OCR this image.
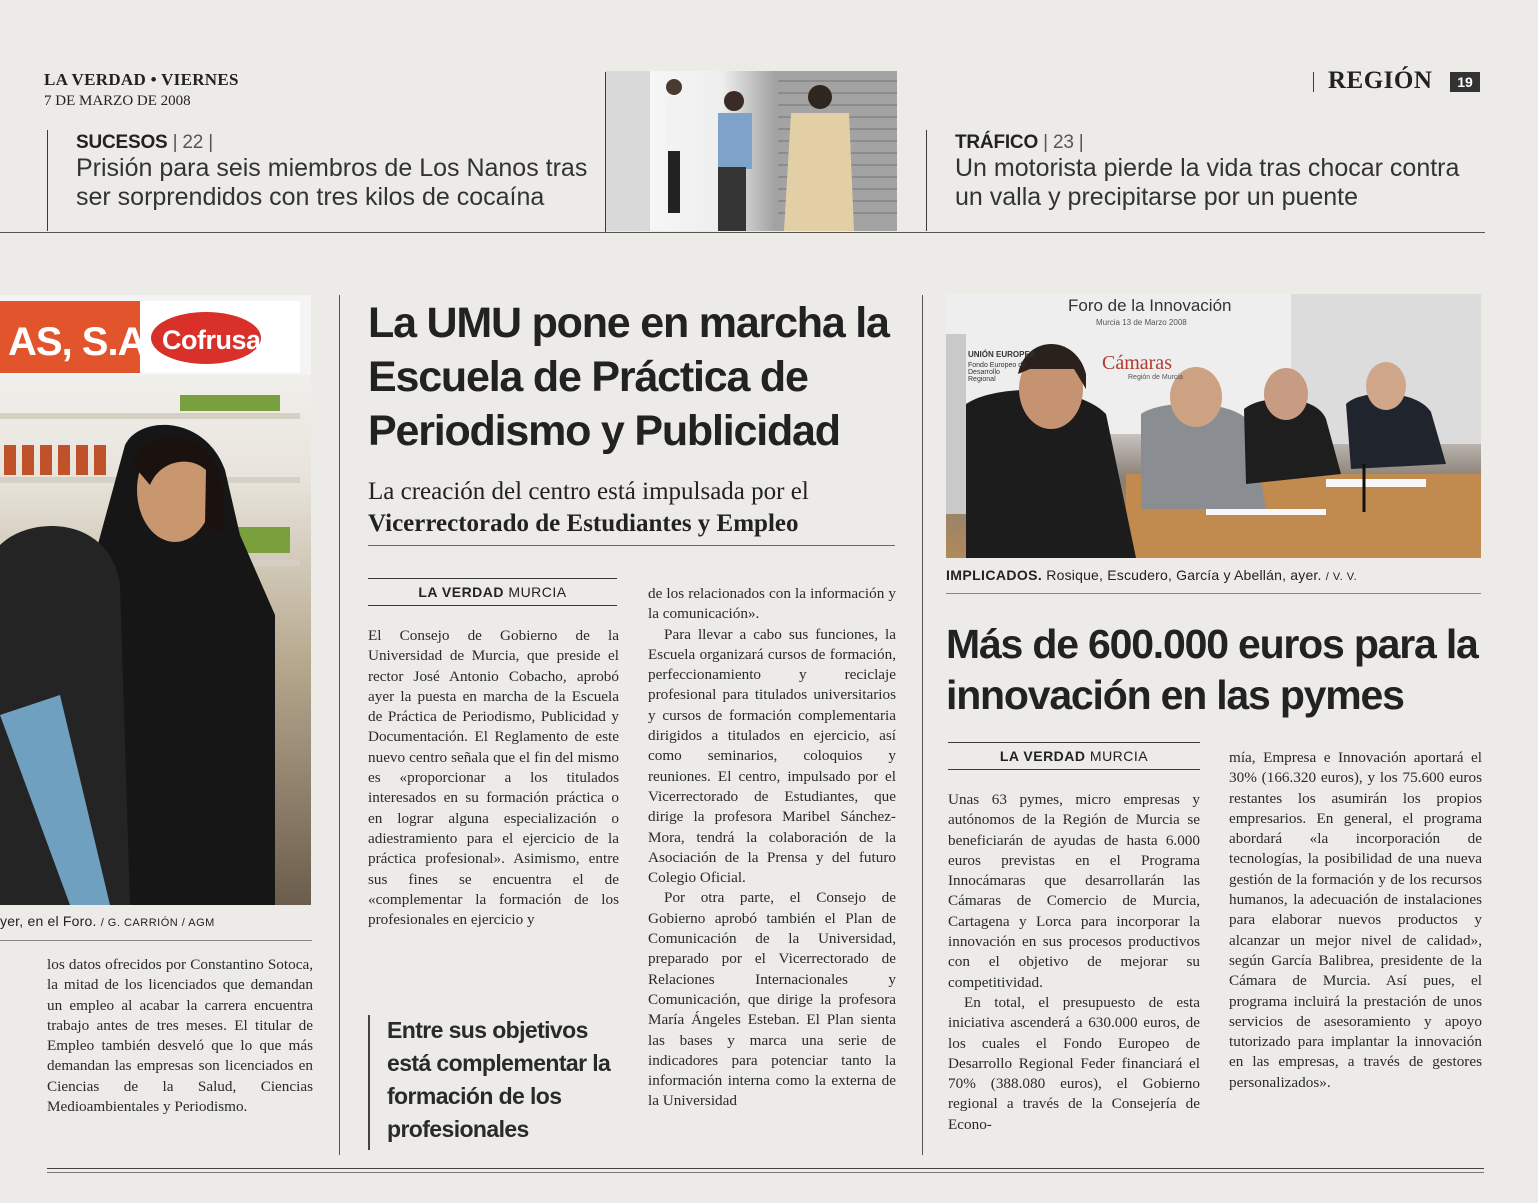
LA VERDAD • VIERNES
7 DE MARZO DE 2008
REGIÓN	19
SUCESOS | 22 |
Prisión para seis miembros de Los Nanos tras ser sorprendidos con tres kilos de cocaína
TRÁFICO | 23 |
Un motorista pierde la vida tras chocar contra un valla y precipitarse por un puente
AS, S.A. Cofrusa
yer, en el Foro. / G. CARRIÓN / AGM
los datos ofrecidos por Constantino Sotoca, la mitad de los licenciados que demandan un empleo al acabar la carrera encuentra trabajo antes de tres meses. El titular de Empleo también desveló que lo que más demandan las empresas son licenciados en Ciencias de la Salud, Ciencias Medioambientales y Periodismo.
La UMU pone en marcha la Escuela de Práctica de Periodismo y Publicidad
La creación del centro está impulsada por el Vicerrectorado de Estudiantes y Empleo
LA VERDAD MURCIA
El Consejo de Gobierno de la Universidad de Murcia, que preside el rector José Antonio Cobacho, aprobó ayer la puesta en marcha de la Escuela de Práctica de Periodismo, Publicidad y Documentación. El Reglamento de este nuevo centro señala que el fin del mismo es «proporcionar a los titulados interesados en su formación práctica o en lograr alguna especialización o adiestramiento para el ejercicio de la práctica profesional». Asimismo, entre sus fines se encuentra el de «complementar la formación de los profesionales en ejercicio y
Entre sus objetivos está complementar la formación de los profesionales
de los relacionados con la información y la comunicación».
Para llevar a cabo sus funciones, la Escuela organizará cursos de formación, perfeccionamiento y reciclaje profesional para titulados universitarios y cursos de formación complementaria dirigidos a titulados en ejercicio, así como seminarios, coloquios y reuniones. El centro, impulsado por el Vicerrectorado de Estudiantes, que dirige la profesora Maribel Sánchez-Mora, tendrá la colaboración de la Asociación de la Prensa y del futuro Colegio Oficial.
Por otra parte, el Consejo de Gobierno aprobó también el Plan de Comunicación de la Universidad, preparado por el Vicerrectorado de Relaciones Internacionales y Comunicación, que dirige la profesora María Ángeles Esteban. El Plan sienta las bases y marca una serie de indicadores para potenciar tanto la información interna como la externa de la Universidad
Foro de la Innovación
Murcia 13 de Marzo 2008
UNIÓN EUROPEA
Fondo Europeo de Desarrollo Regional
Cámaras
Región de Murcia
IMPLICADOS. Rosique, Escudero, García y Abellán, ayer. / V. V.
Más de 600.000 euros para la innovación en las pymes
LA VERDAD MURCIA
Unas 63 pymes, micro empresas y autónomos de la Región de Murcia se beneficiarán de ayudas de hasta 6.000 euros previstas en el Programa Innocámaras que desarrollarán las Cámaras de Comercio de Murcia, Cartagena y Lorca para incorporar la innovación en sus procesos productivos con el objetivo de mejorar su competitividad.
En total, el presupuesto de esta iniciativa ascenderá a 630.000 euros, de los cuales el Fondo Europeo de Desarrollo Regional Feder financiará el 70% (388.080 euros), el Gobierno regional a través de la Consejería de Econo-
mía, Empresa e Innovación aportará el 30% (166.320 euros), y los 75.600 euros restantes los asumirán los propios empresarios. En general, el programa abordará «la incorporación de tecnologías, la posibilidad de una nueva gestión de la formación y de los recursos humanos, la adecuación de instalaciones para elaborar nuevos productos y alcanzar un mejor nivel de calidad», según García Balibrea, presidente de la Cámara de Murcia. Así pues, el programa incluirá la prestación de unos servicios de asesoramiento y apoyo tutorizado para implantar la innovación en las empresas, a través de gestores personalizados».
